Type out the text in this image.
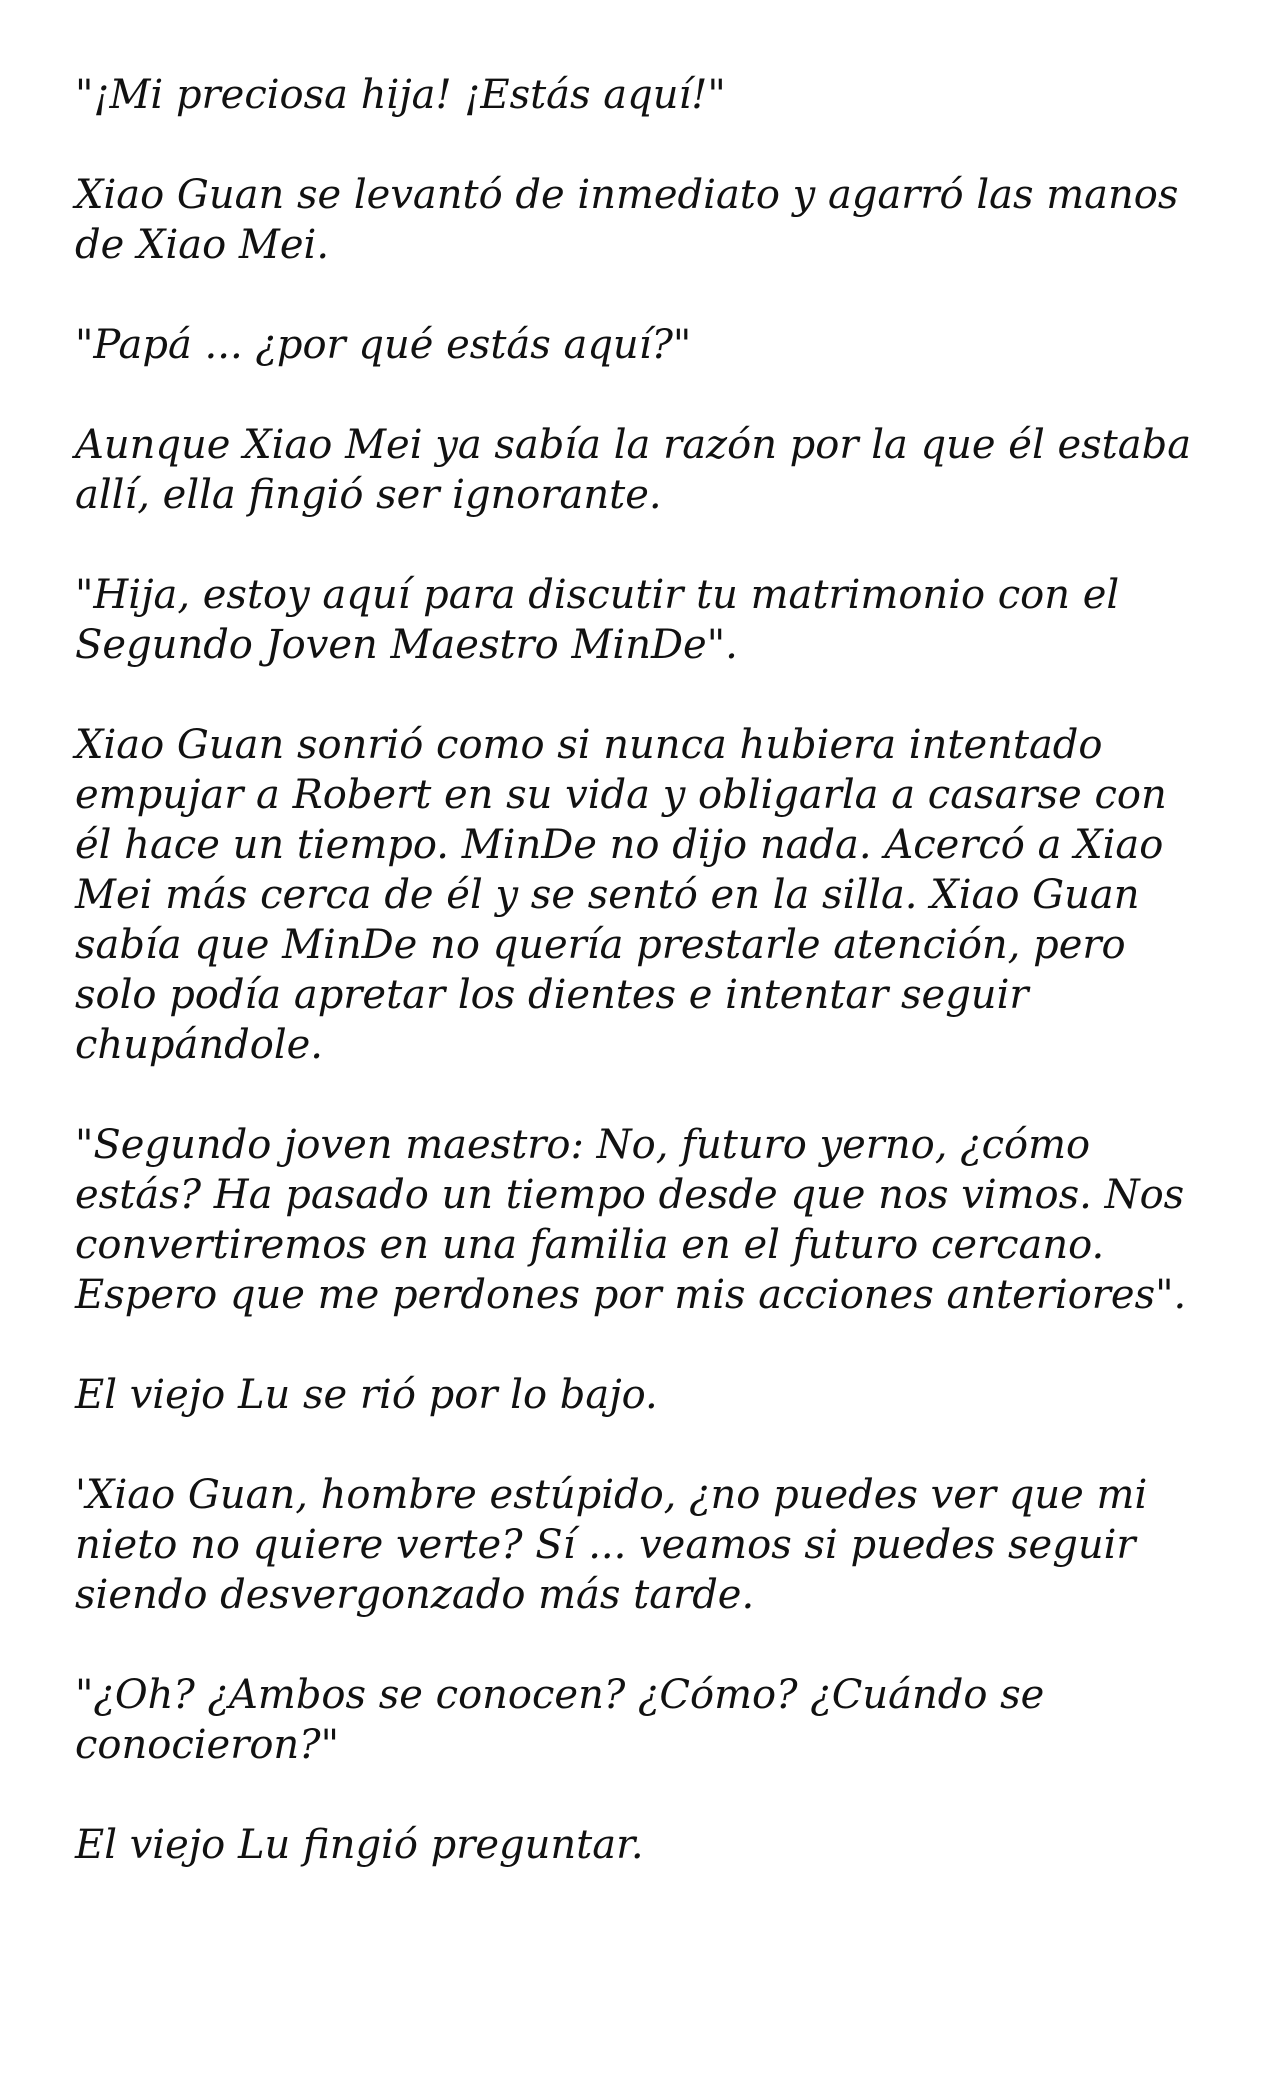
"¡Mi preciosa hija! ¡Estás aquí!"

Xiao Guan se levantó de inmediato y agarró las manos de Xiao Mei.

"Papá ... ¿por qué estás aquí?"

Aunque Xiao Mei ya sabía la razón por la que él estaba allí, ella fingió ser ignorante.

"Hija, estoy aquí para discutir tu matrimonio con el Segundo Joven Maestro MinDe".

Xiao Guan sonrió como si nunca hubiera intentado empujar a Robert en su vida y obligarla a casarse con él hace un tiempo. MinDe no dijo nada. Acercó a Xiao Mei más cerca de él y se sentó en la silla. Xiao Guan sabía que MinDe no quería prestarle atención, pero solo podía apretar los dientes e intentar seguir chupándole.

"Segundo joven maestro: No, futuro yerno, ¿cómo estás? Ha pasado un tiempo desde que nos vimos. Nos convertiremos en una familia en el futuro cercano. Espero que me perdones por mis acciones anteriores".

El viejo Lu se rió por lo bajo.

'Xiao Guan, hombre estúpido, ¿no puedes ver que mi nieto no quiere verte? Sí ... veamos si puedes seguir siendo desvergonzado más tarde.

"¿Oh? ¿Ambos se conocen? ¿Cómo? ¿Cuándo se conocieron?"

El viejo Lu fingió preguntar.
